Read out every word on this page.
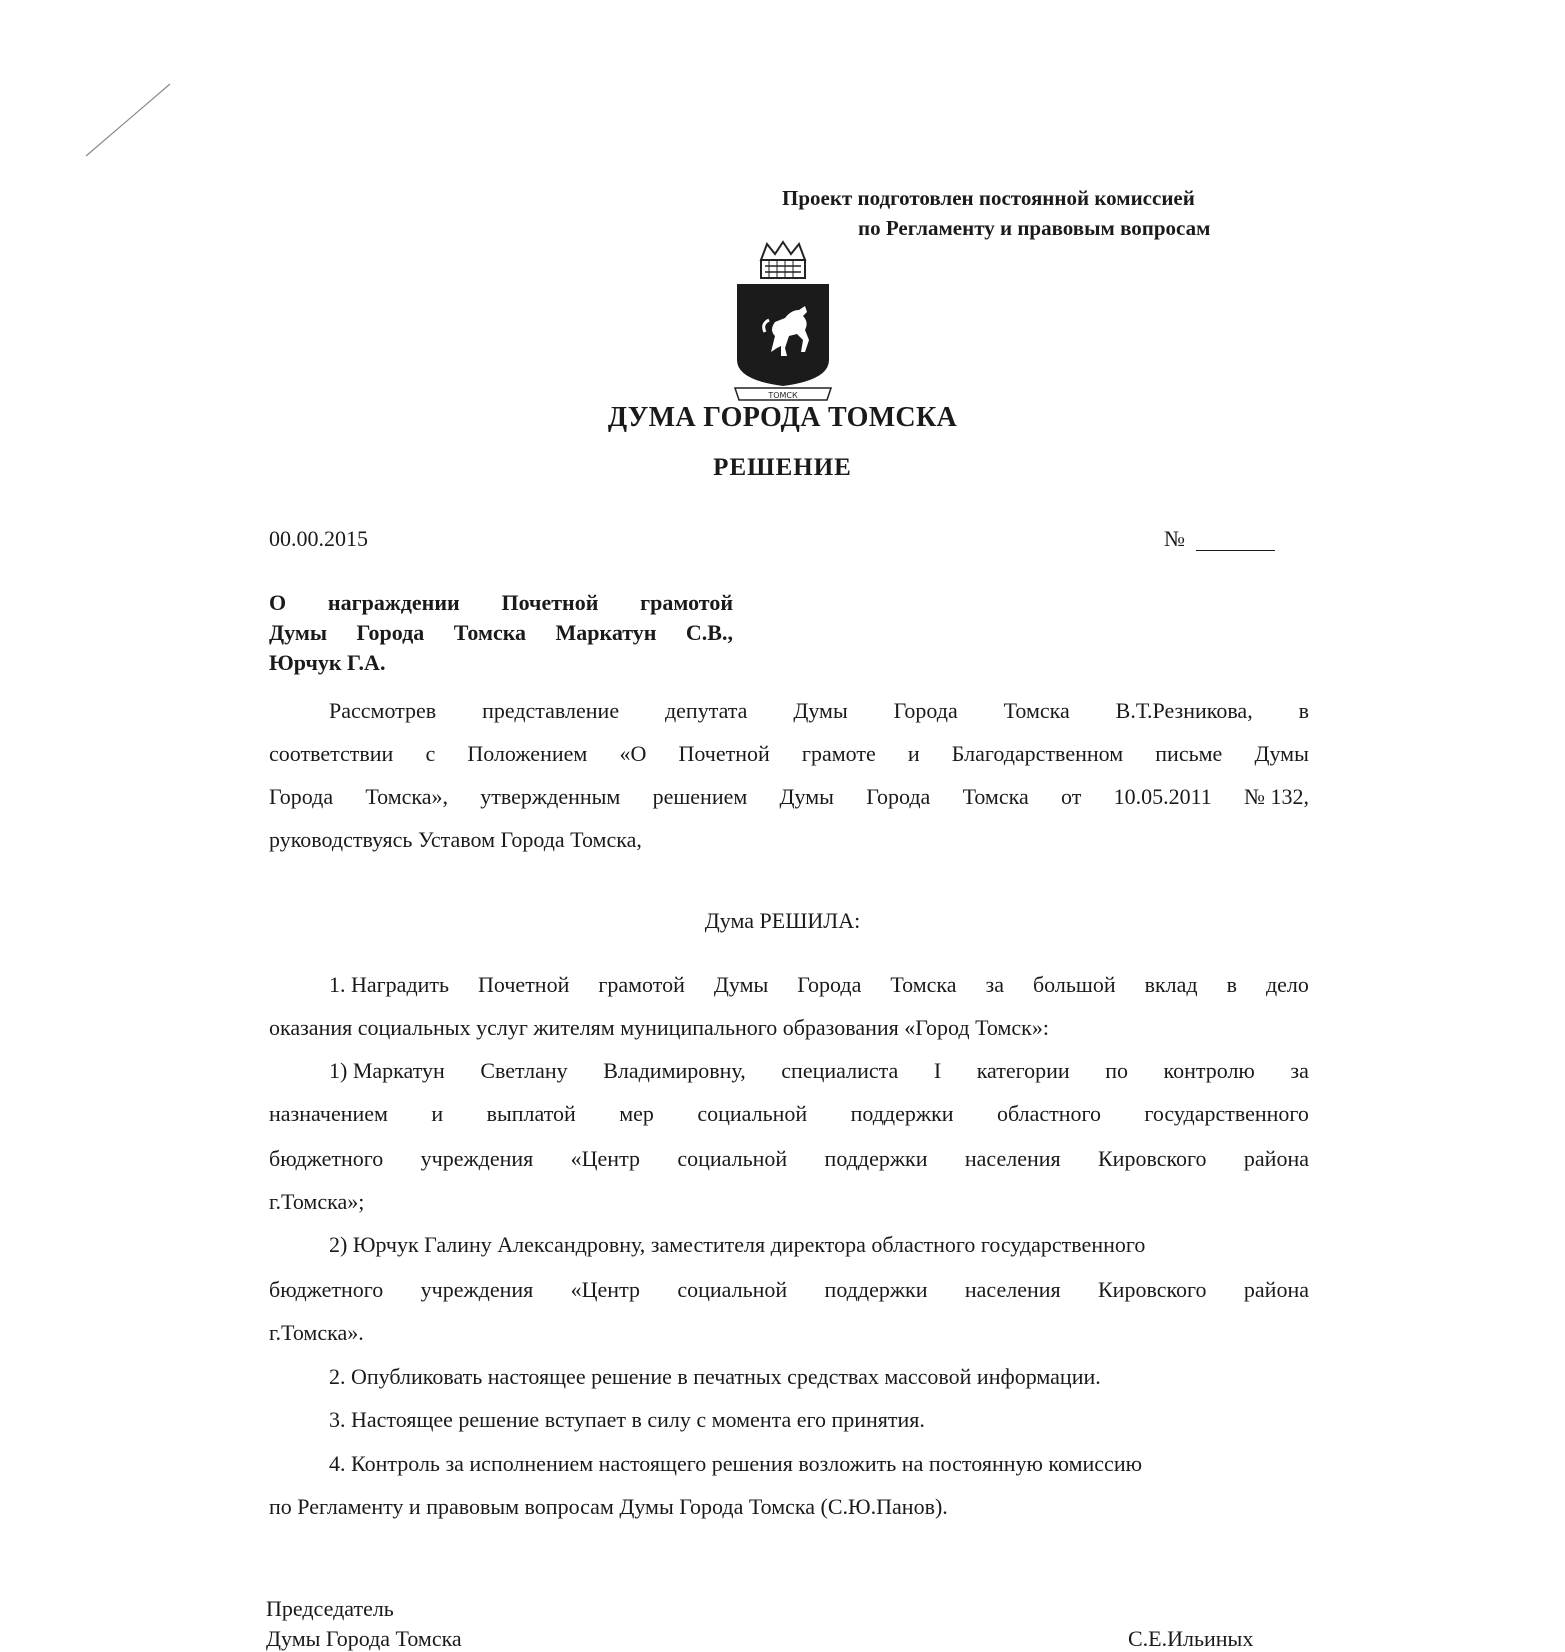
Проект подготовлен постоянной комиссией
по Регламенту и правовым вопросам
ТОМСК
ДУМА ГОРОДА ТОМСКА
РЕШЕНИЕ
00.00.2015	№
О награждении Почетной грамотой
Думы Города Томска Маркатун С.В.,
Юрчук Г.А.
Рассмотрев представление депутата Думы Города Томска В.Т.Резникова, в
соответствии с Положением «О Почетной грамоте и Благодарственном письме Думы
Города Томска», утвержденным решением Думы Города Томска от 10.05.2011 № 132,
руководствуясь Уставом Города Томска,
Дума РЕШИЛА:
1. Наградить Почетной грамотой Думы Города Томска за большой вклад в дело
оказания социальных услуг жителям муниципального образования «Город Томск»:
1) Маркатун Светлану Владимировну, специалиста I категории по контролю за
назначением и выплатой мер социальной поддержки областного государственного
бюджетного учреждения «Центр социальной поддержки населения Кировского района
г.Томска»;
2) Юрчук Галину Александровну, заместителя директора областного государственного
бюджетного учреждения «Центр социальной поддержки населения Кировского района
г.Томска».
2. Опубликовать настоящее решение в печатных средствах массовой информации.
3. Настоящее решение вступает в силу с момента его принятия.
4. Контроль за исполнением настоящего решения возложить на постоянную комиссию
по Регламенту и правовым вопросам Думы Города Томска (С.Ю.Панов).
Председатель
Думы Города Томска	С.Е.Ильиных
